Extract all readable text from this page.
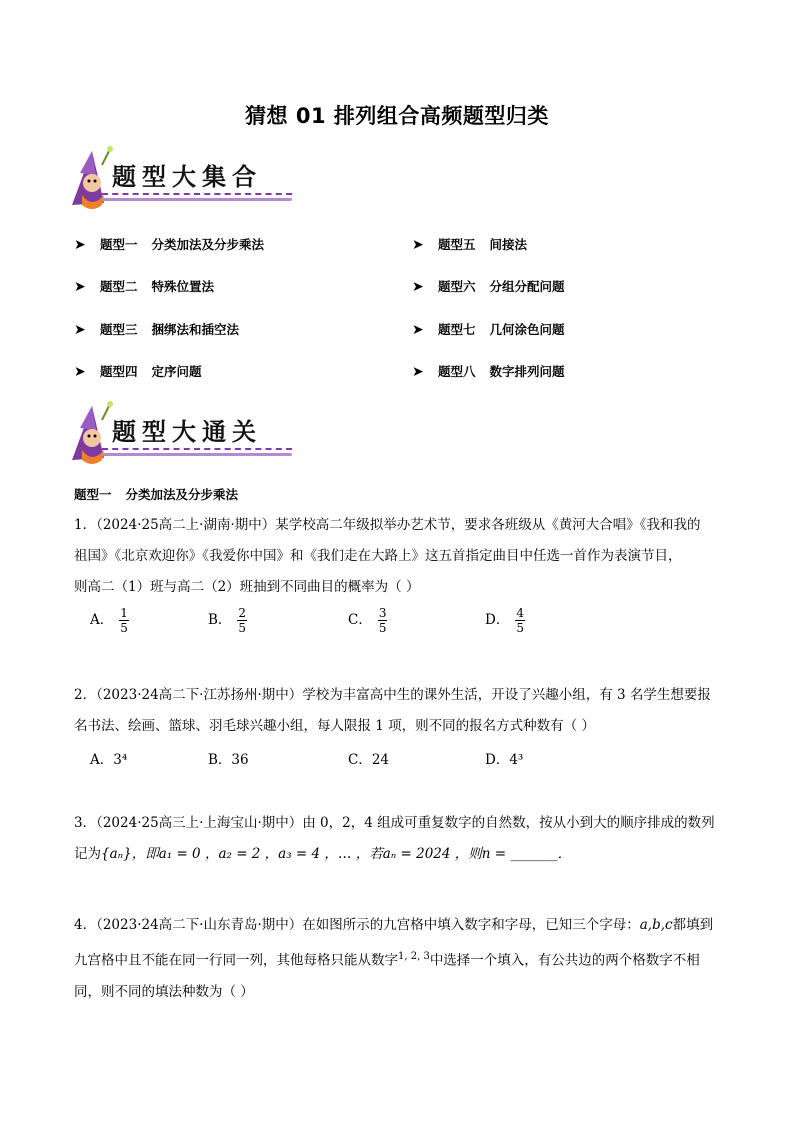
猜想 01 排列组合高频题型归类
题型大集合
➤ 题型一 分类加法及分步乘法
➤ 题型二 特殊位置法
➤ 题型三 捆绑法和插空法
➤ 题型四 定序问题
➤ 题型五 间接法
➤ 题型六 分组分配问题
➤ 题型七 几何涂色问题
➤ 题型八 数字排列问题
题型大通关
题型一 分类加法及分步乘法
1．（2024·25高二上·湖南·期中）某学校高二年级拟举办艺术节，要求各班级从《黄河大合唱》《我和我的
祖国》《北京欢迎你》《我爱你中国》和《我们走在大路上》这五首指定曲目中任选一首作为表演节目，
则高二（1）班与高二（2）班抽到不同曲目的概率为（ ）
A． $\frac{1}{5}$	B． $\frac{2}{5}$	C． $\frac{3}{5}$	D． $\frac{4}{5}$
2．（2023·24高二下·江苏扬州·期中）学校为丰富高中生的课外生活，开设了兴趣小组，有 3 名学生想要报
名书法、绘画、篮球、羽毛球兴趣小组，每人限报 1 项，则不同的报名方式种数有（ ）
A．3⁴	B．36	C．24	D．4³
3．（2024·25高三上·上海宝山·期中）由 0，2，4 组成可重复数字的自然数，按从小到大的顺序排成的数列
记为{aₙ}，即a₁ = 0 ，a₂ = 2 ，a₃ = 4 ，… ，若aₙ = 2024 ，则n = _______．
4．（2023·24高二下·山东青岛·期中）在如图所示的九宫格中填入数字和字母，已知三个字母：a,b,c都填到
九宫格中且不能在同一行同一列，其他每格只能从数字$^{1, 2, 3}$中选择一个填入，有公共边的两个格数字不相
同，则不同的填法种数为（ ）
